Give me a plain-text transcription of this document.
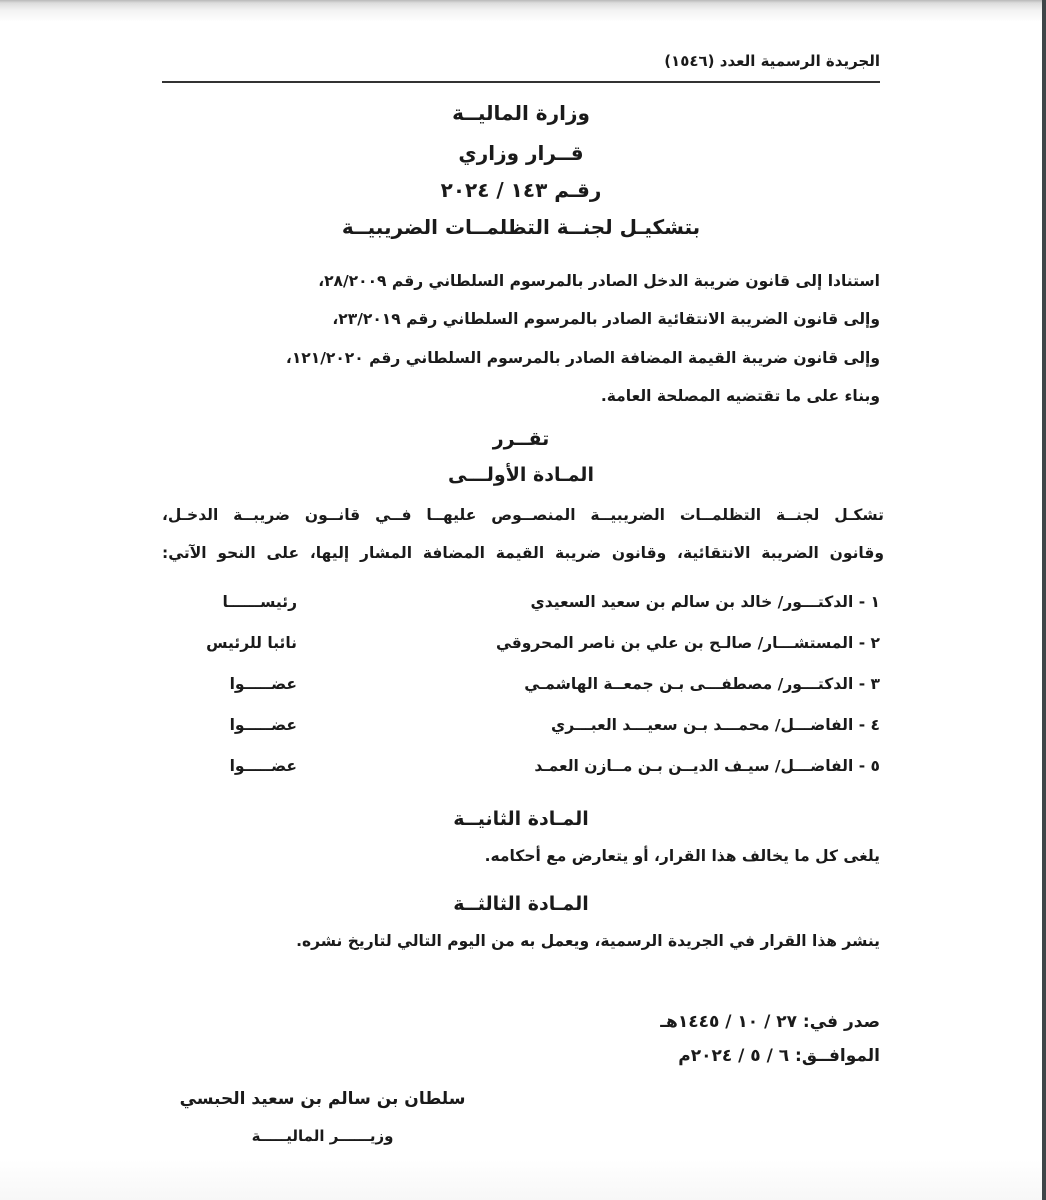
الجريدة الرسمية العدد (١٥٤٦)
وزارة الماليــة
قــرار وزاري
رقـم ١٤٣ / ٢٠٢٤
بتشكيـل لجنــة التظلمــات الضريبيــة
استنادا إلى قانون ضريبة الدخل الصادر بالمرسوم السلطاني رقم ٢٨/٢٠٠٩،
وإلى قانون الضريبة الانتقائية الصادر بالمرسوم السلطاني رقم ٢٣/٢٠١٩،
وإلى قانون ضريبة القيمة المضافة الصادر بالمرسوم السلطاني رقم ١٢١/٢٠٢٠،
وبناء على ما تقتضيه المصلحة العامة.
تقــرر
المـادة الأولـــى
تشكـل لجنــة التظلمــات الضريبيــة المنصــوص عليهــا فــي قانــون ضريبــة الدخـل،
وقانون الضريبة الانتقائية، وقانون ضريبة القيمة المضافة المشار إليها، على النحو الآتي:
١ - الدكتـــور/ خالد بن سالم بن سعيد السعيدي
رئيســــــا
٢ - المستشـــار/ صالـح بن علي بن ناصر المحروقي
نائبا للرئيس
٣ - الدكتـــور/ مصطفـــى بـن جمعــة الهاشمـي
عضـــــوا
٤ - الفاضـــل/ محمـــد بـن سعيـــد العبـــري
عضـــــوا
٥ - الفاضـــل/ سيـف الديــن بـن مــازن العمـد
عضـــــوا
المـادة الثانيــة
يلغى كل ما يخالف هذا القرار، أو يتعارض مع أحكامه.
المـادة الثالثــة
ينشر هذا القرار في الجريدة الرسمية، ويعمل به من اليوم التالي لتاريخ نشره.
صدر في: ٢٧ / ١٠ / ١٤٤٥هـ
الموافــق: ٦ / ٥ / ٢٠٢٤م
سلطان بن سالم بن سعيد الحبسي
وزيــــــر الماليـــــة
